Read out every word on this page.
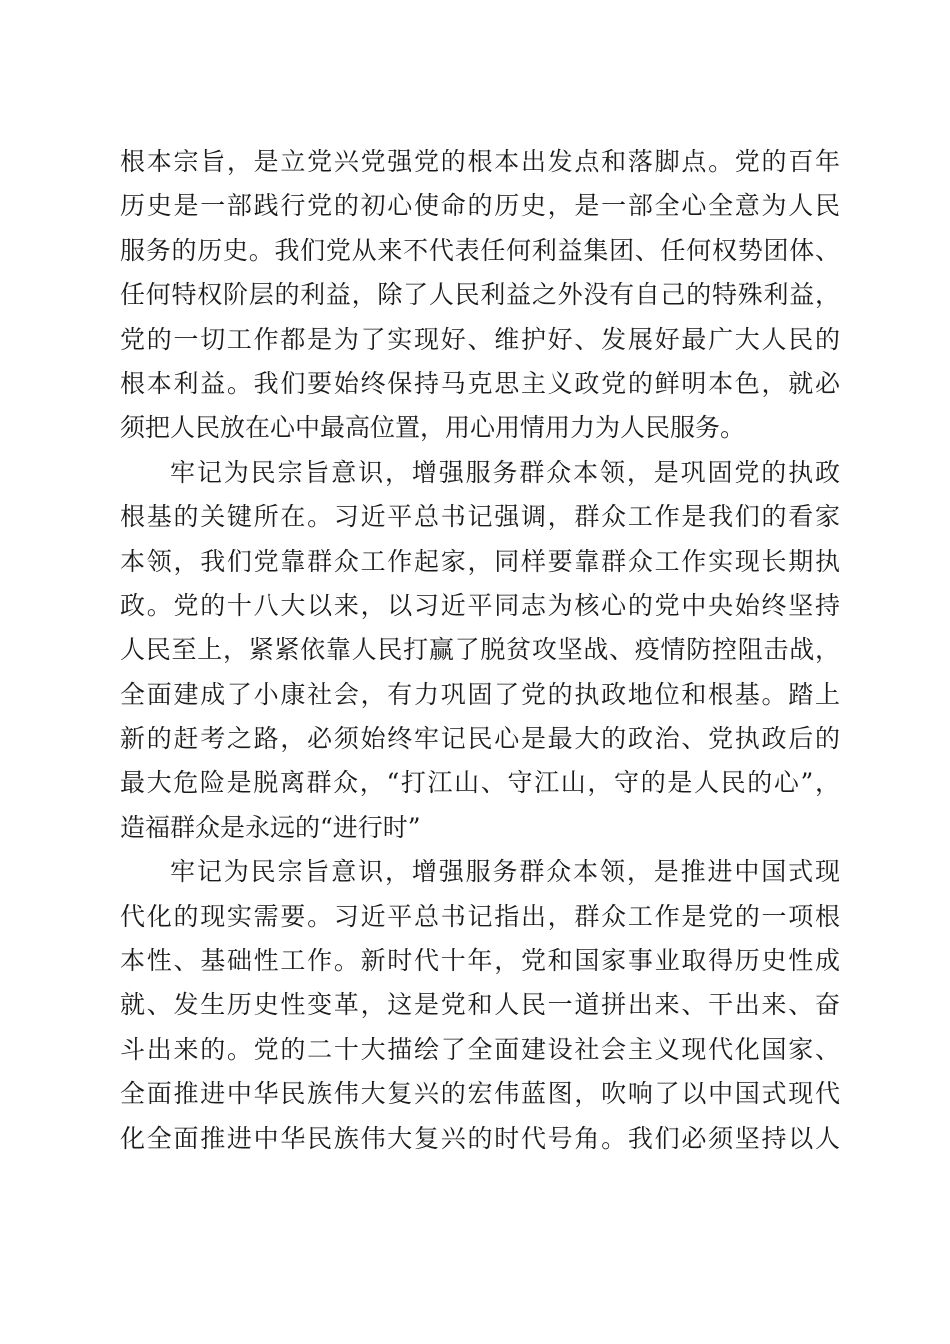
根本宗旨，是立党兴党强党的根本出发点和落脚点。党的百年
历史是一部践行党的初心使命的历史，是一部全心全意为人民
服务的历史。我们党从来不代表任何利益集团、任何权势团体、
任何特权阶层的利益，除了人民利益之外没有自己的特殊利益，
党的一切工作都是为了实现好、维护好、发展好最广大人民的
根本利益。我们要始终保持马克思主义政党的鲜明本色，就必
须把人民放在心中最高位置，用心用情用力为人民服务。
牢记为民宗旨意识，增强服务群众本领，是巩固党的执政
根基的关键所在。习近平总书记强调，群众工作是我们的看家
本领，我们党靠群众工作起家，同样要靠群众工作实现长期执
政。党的十八大以来，以习近平同志为核心的党中央始终坚持
人民至上，紧紧依靠人民打赢了脱贫攻坚战、疫情防控阻击战，
全面建成了小康社会，有力巩固了党的执政地位和根基。踏上
新的赶考之路，必须始终牢记民心是最大的政治、党执政后的
最大危险是脱离群众，“打江山、守江山，守的是人民的心”，
造福群众是永远的“进行时”
牢记为民宗旨意识，增强服务群众本领，是推进中国式现
代化的现实需要。习近平总书记指出，群众工作是党的一项根
本性、基础性工作。新时代十年，党和国家事业取得历史性成
就、发生历史性变革，这是党和人民一道拼出来、干出来、奋
斗出来的。党的二十大描绘了全面建设社会主义现代化国家、
全面推进中华民族伟大复兴的宏伟蓝图，吹响了以中国式现代
化全面推进中华民族伟大复兴的时代号角。我们必须坚持以人
